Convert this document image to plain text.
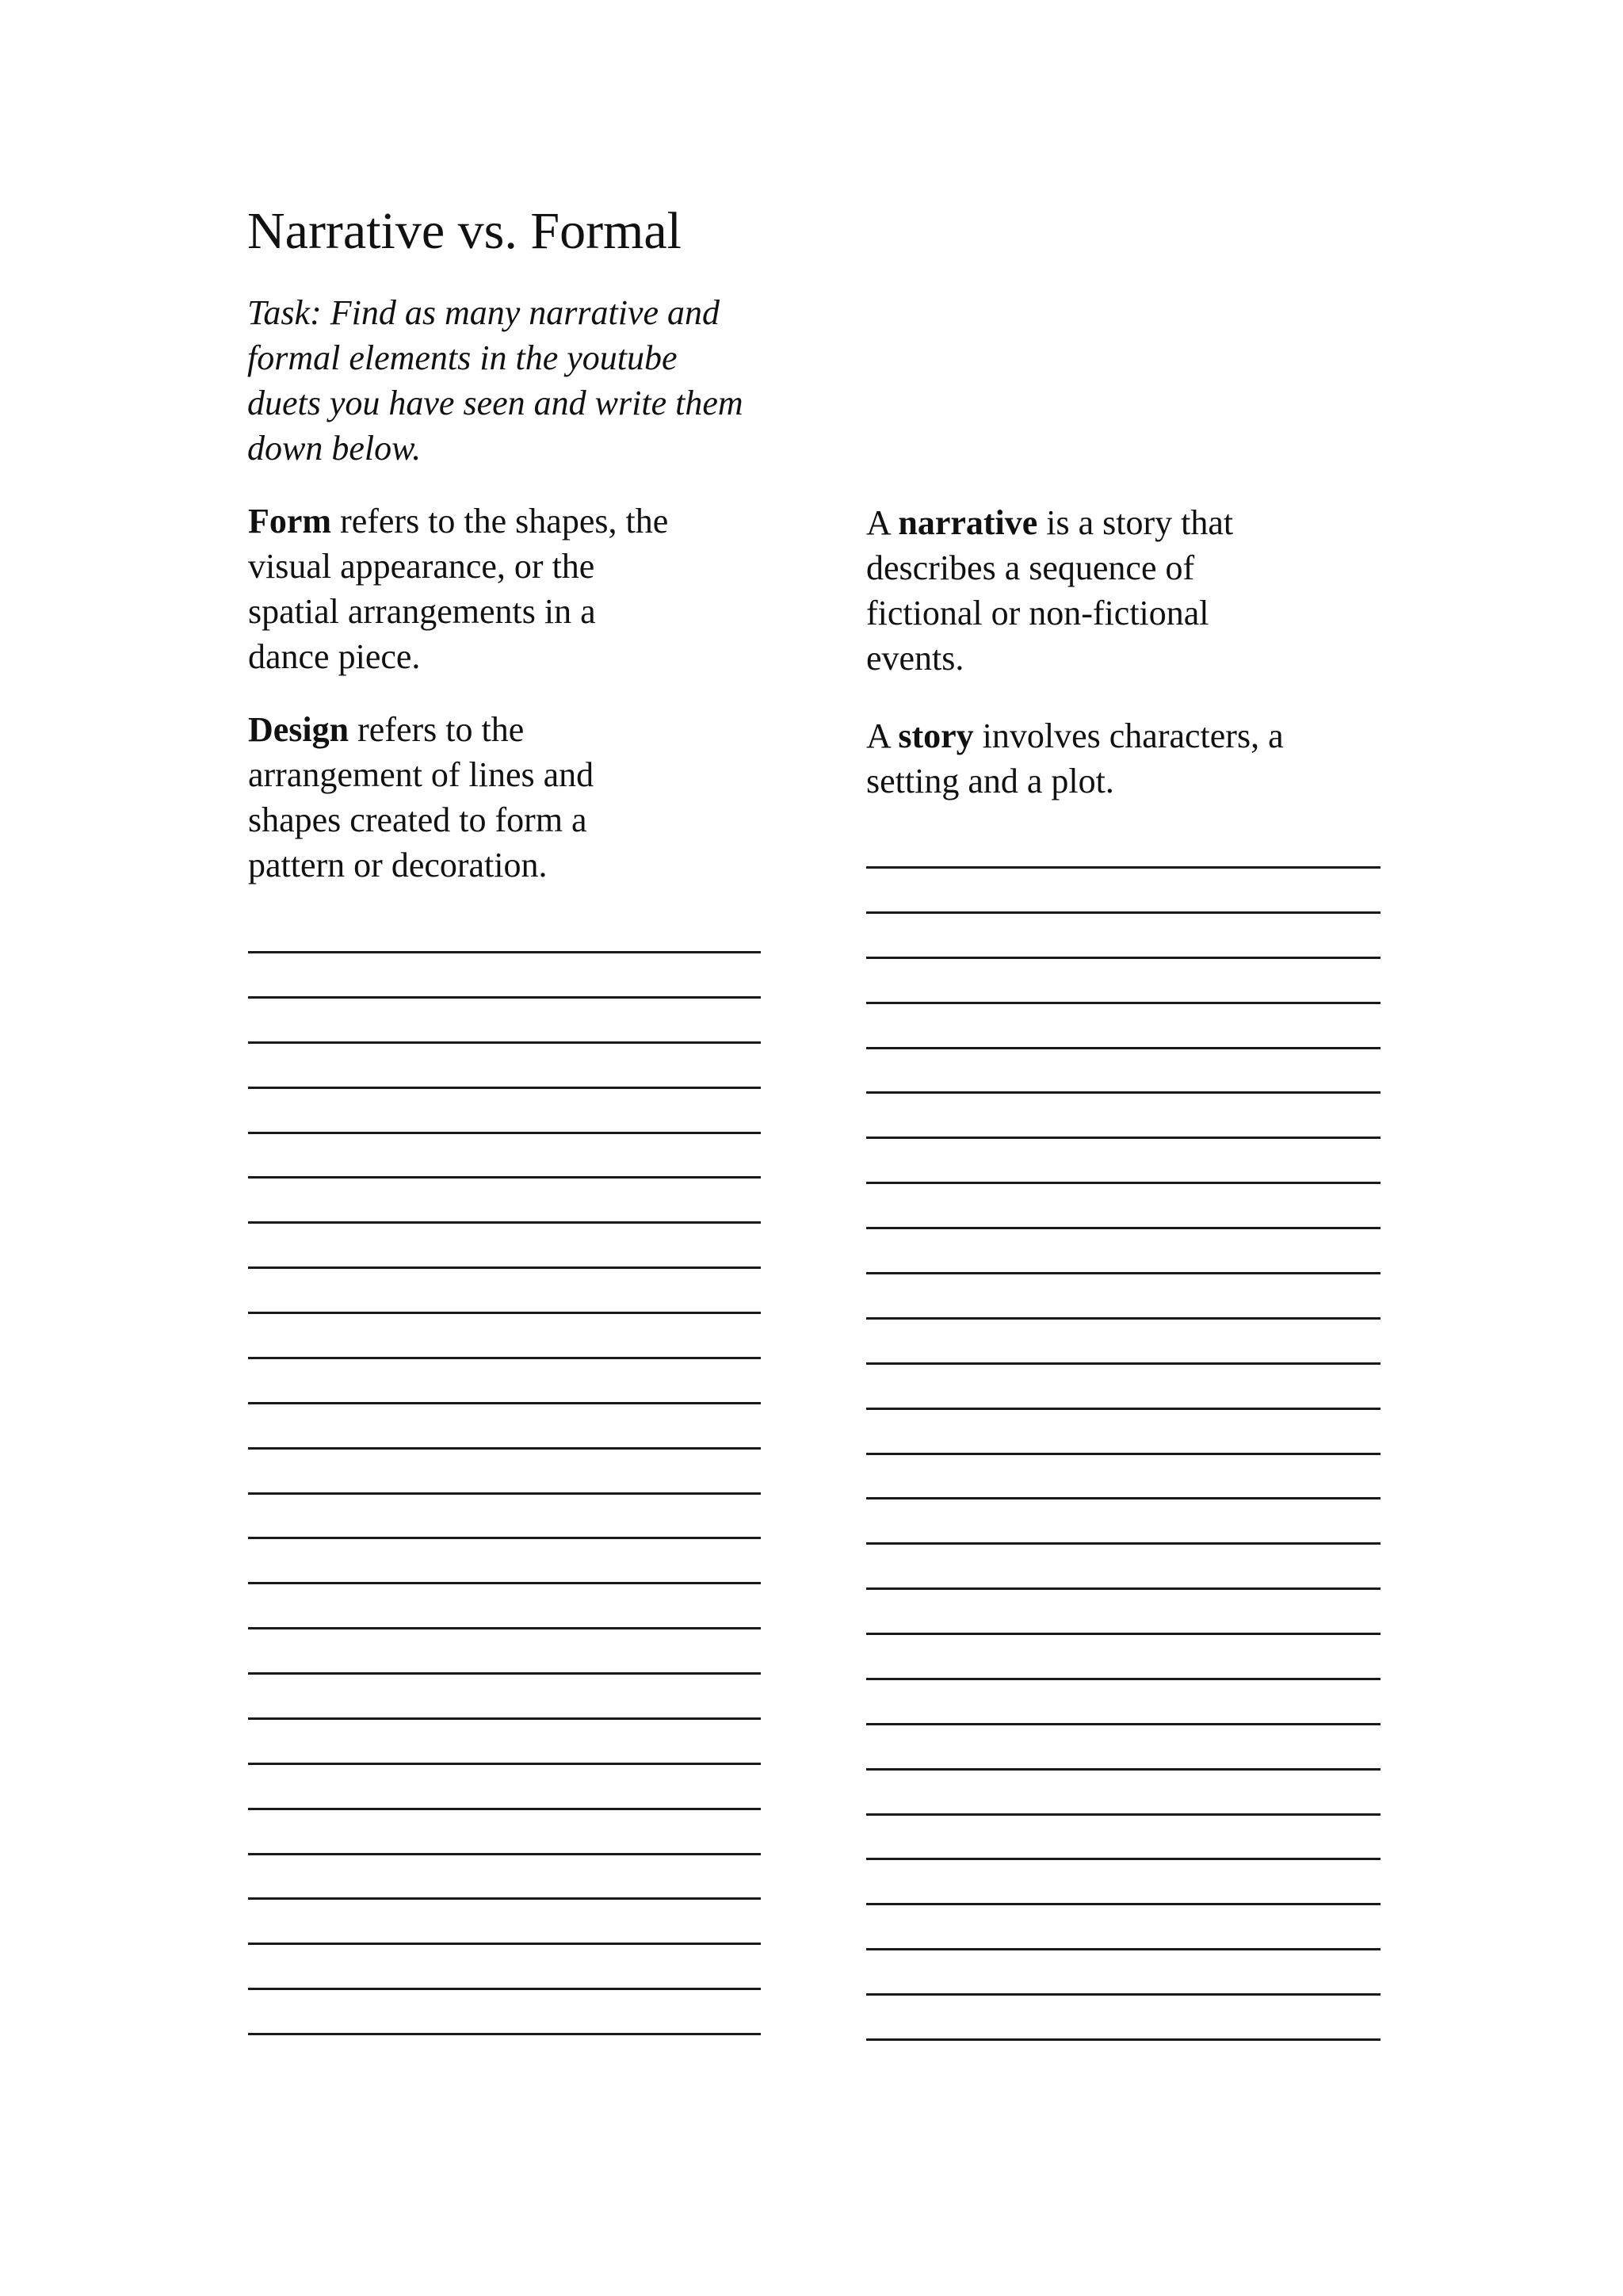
Narrative vs. Formal
Task: Find as many narrative and formal elements in the youtube duets you have seen and write them down below.
Form refers to the shapes, the
visual appearance, or the
spatial arrangements in a
dance piece.
Design refers to the
arrangement of lines and
shapes created to form a
pattern or decoration.
A narrative is a story that
describes a sequence of
fictional or non-fictional
events.
A story involves characters, a
setting and a plot.
